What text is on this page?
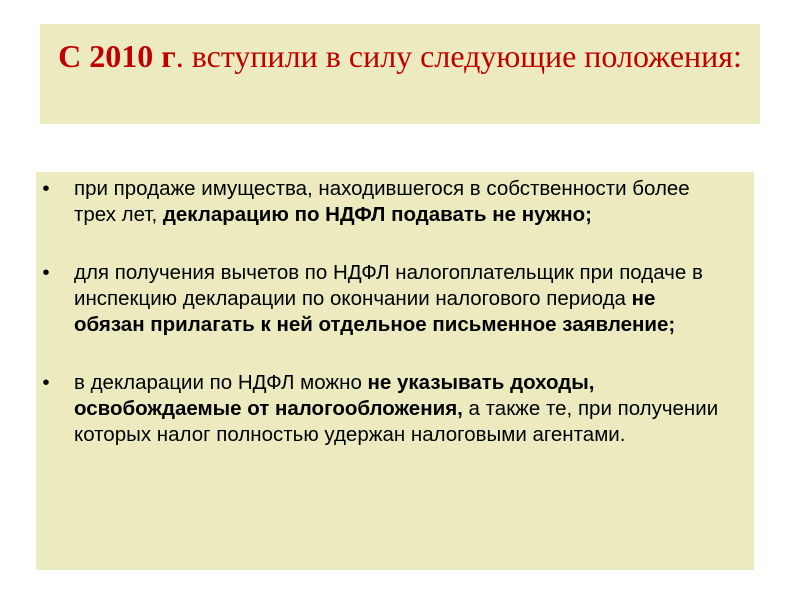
С 2010 г. вступили в силу следующие положения:
• при продаже имущества, находившегося в собственности более трех лет, декларацию по НДФЛ подавать не нужно;
• для получения вычетов по НДФЛ налогоплательщик при подаче в инспекцию декларации по окончании налогового периода не обязан прилагать к ней отдельное письменное заявление;
• в декларации по НДФЛ можно не указывать доходы, освобождаемые от налогообложения, а также те, при получении которых налог полностью удержан налоговыми агентами.
